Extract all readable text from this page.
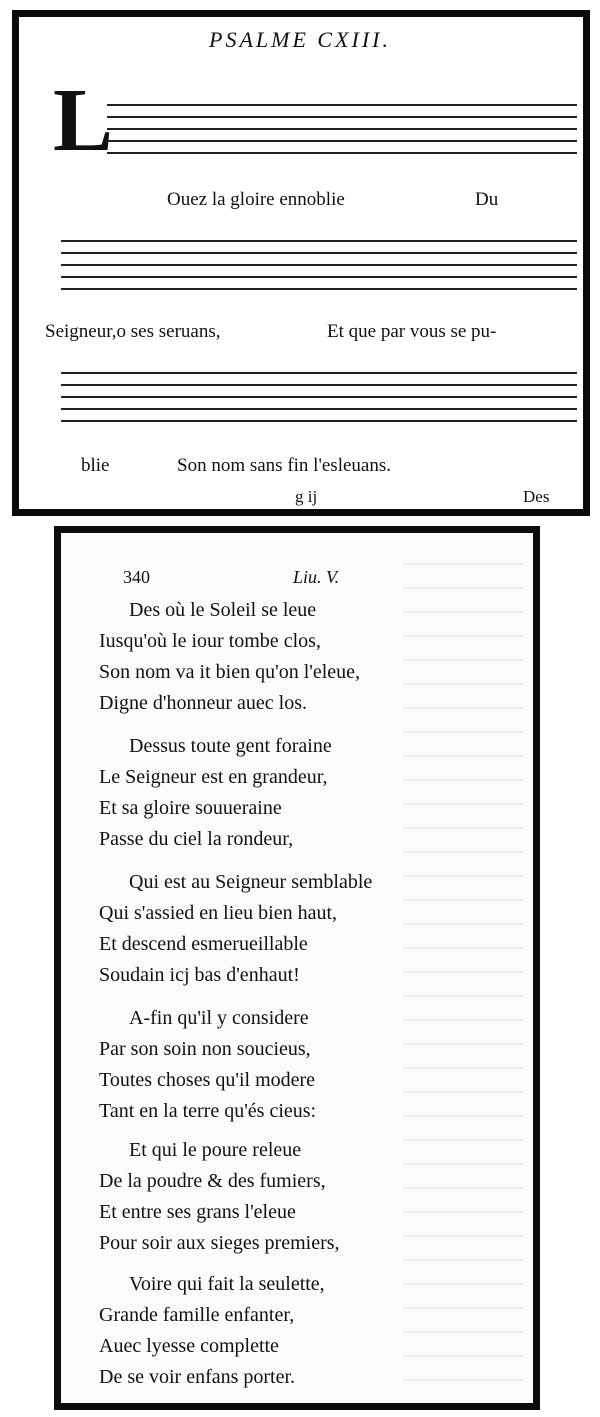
PSALME CXIII.
L
Ouez la gloire ennoblie	Du
Seigneur,o ses seruans,	Et que par vous se pu-
blie	Son nom sans fin l'esleuans.
g ij	Des
340	Liu. V.
Des où le Soleil se leue
Iusqu'où le iour tombe clos,
Son nom va it bien qu'on l'eleue,
Digne d'honneur auec los.
Dessus toute gent foraine
Le Seigneur est en grandeur,
Et sa gloire souueraine
Passe du ciel la rondeur,
Qui est au Seigneur semblable
Qui s'assied en lieu bien haut,
Et descend esmerueillable
Soudain icj bas d'enhaut!
A-fin qu'il y considere
Par son soin non soucieus,
Toutes choses qu'il modere
Tant en la terre qu'és cieus:
Et qui le poure releue
De la poudre & des fumiers,
Et entre ses grans l'eleue
Pour soir aux sieges premiers,
Voire qui fait la seulette,
Grande famille enfanter,
Auec lyesse complette
De se voir enfans porter.
